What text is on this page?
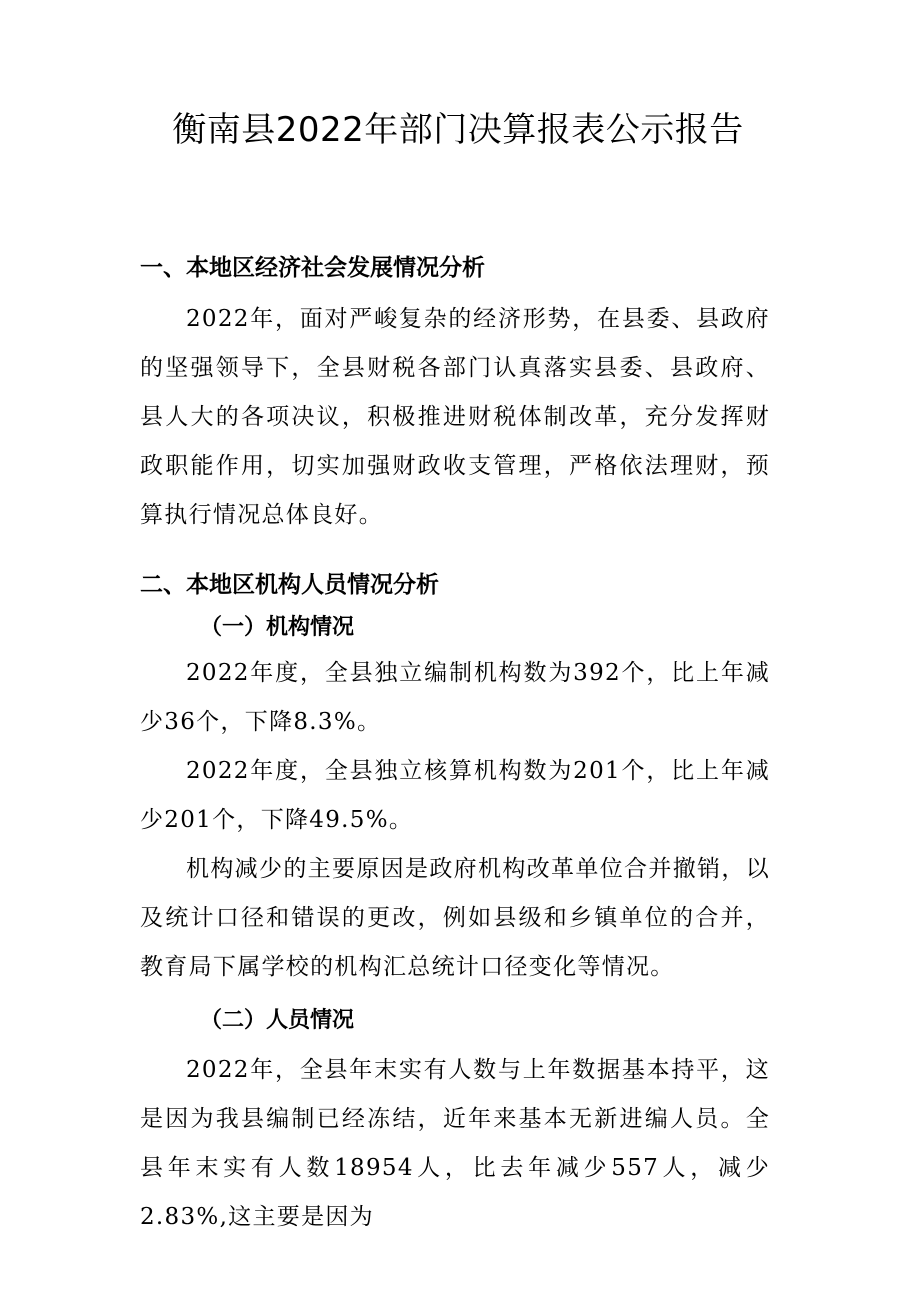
衡南县2022年部门决算报表公示报告
一、本地区经济社会发展情况分析

2022年，面对严峻复杂的经济形势，在县委、县政府的坚强领导下，全县财税各部门认真落实县委、县政府、县人大的各项决议，积极推进财税体制改革，充分发挥财政职能作用，切实加强财政收支管理，严格依法理财，预算执行情况总体良好。

二、本地区机构人员情况分析
（一）机构情况

2022年度，全县独立编制机构数为392个，比上年减少36个，下降8.3%。

2022年度，全县独立核算机构数为201个，比上年减少201个，下降49.5%。

机构减少的主要原因是政府机构改革单位合并撤销，以及统计口径和错误的更改，例如县级和乡镇单位的合并，教育局下属学校的机构汇总统计口径变化等情况。

（二）人员情况

2022年，全县年末实有人数与上年数据基本持平，这是因为我县编制已经冻结，近年来基本无新进编人员。全县年末实有人数18954人，比去年减少557人，减少2.83%,这主要是因为
